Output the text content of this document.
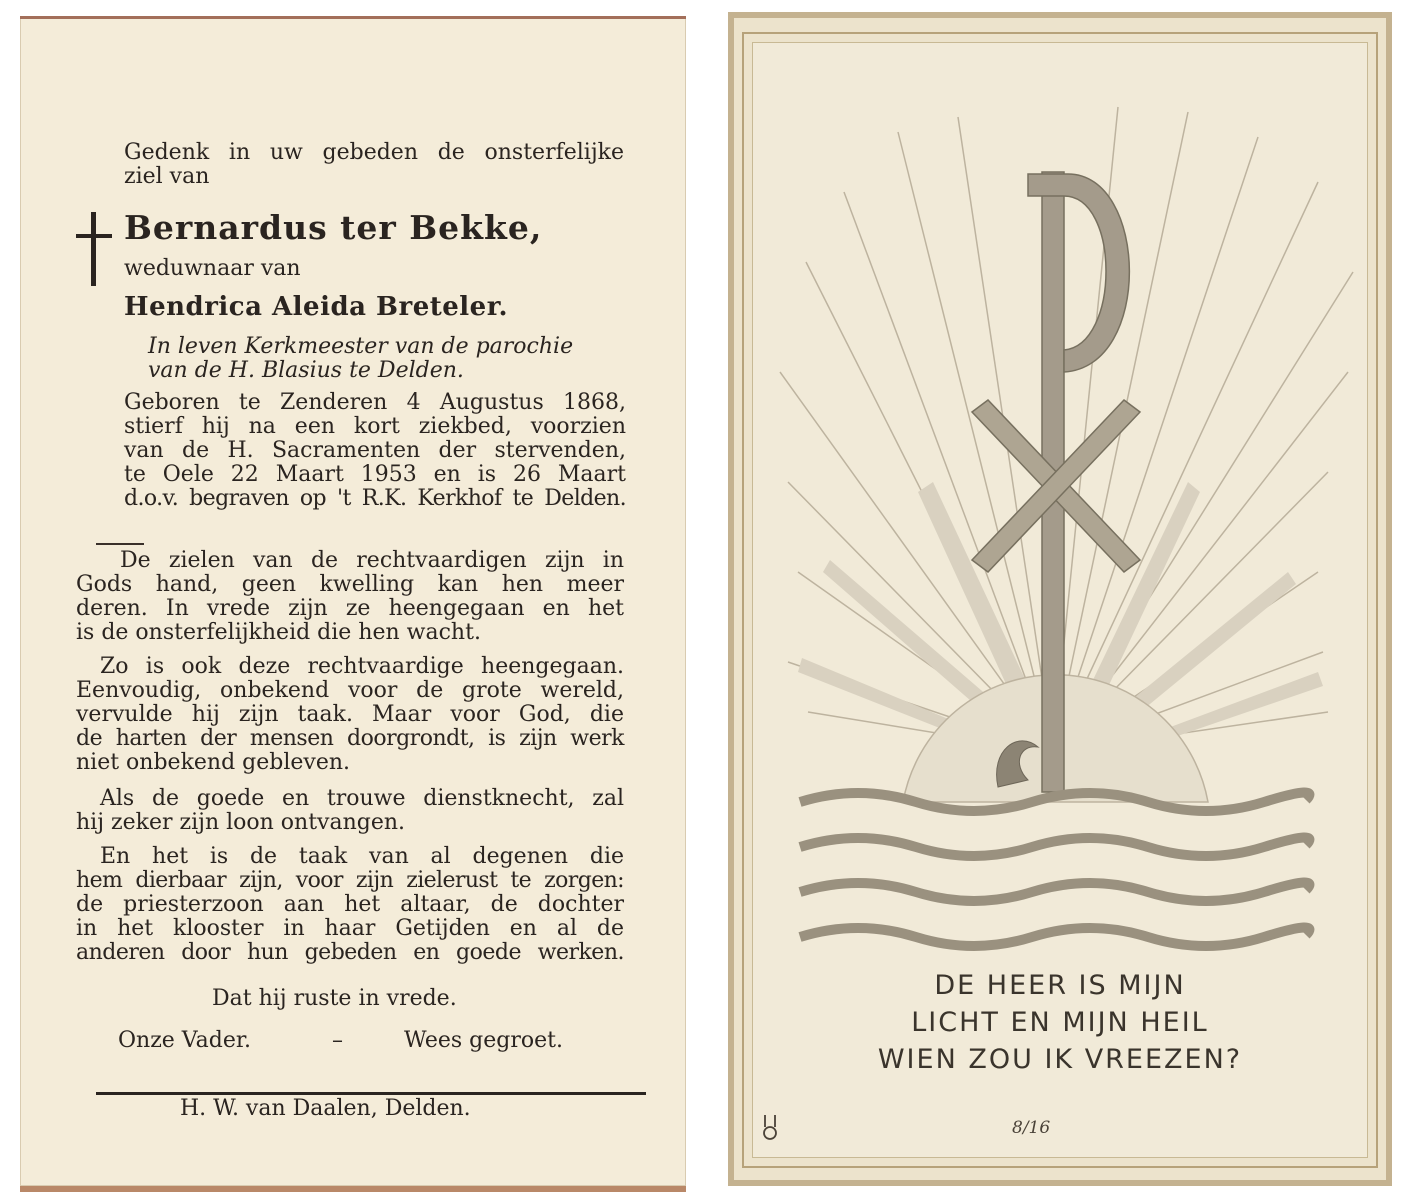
Gedenk in uw gebeden de onsterfelijke
ziel van
Bernardus ter Bekke,
weduwnaar van
Hendrica Aleida Breteler.
In leven Kerkmeester van de parochie
van de H. Blasius te Delden.
Geboren te Zenderen 4 Augustus 1868,
stierf hij na een kort ziekbed, voorzien
van de H. Sacramenten der stervenden,
te Oele 22 Maart 1953 en is 26 Maart
d.o.v. begraven op 't R.K. Kerkhof te Delden.
De zielen van de rechtvaardigen zijn in
Gods hand, geen kwelling kan hen meer
deren. In vrede zijn ze heengegaan en het
is de onsterfelijkheid die hen wacht.
Zo is ook deze rechtvaardige heengegaan.
Eenvoudig, onbekend voor de grote wereld,
vervulde hij zijn taak. Maar voor God, die
de harten der mensen doorgrondt, is zijn werk
niet onbekend gebleven.
Als de goede en trouwe dienstknecht, zal
hij zeker zijn loon ontvangen.
En het is de taak van al degenen die
hem dierbaar zijn, voor zijn zielerust te zorgen:
de priesterzoon aan het altaar, de dochter
in het klooster in haar Getijden en al de
anderen door hun gebeden en goede werken.
Dat hij ruste in vrede.
Onze Vader.	–	Wees gegroet.
H. W. van Daalen, Delden.
DE HEER IS MIJN
LICHT EN MIJN HEIL
WIEN ZOU IK VREEZEN?
8/16
